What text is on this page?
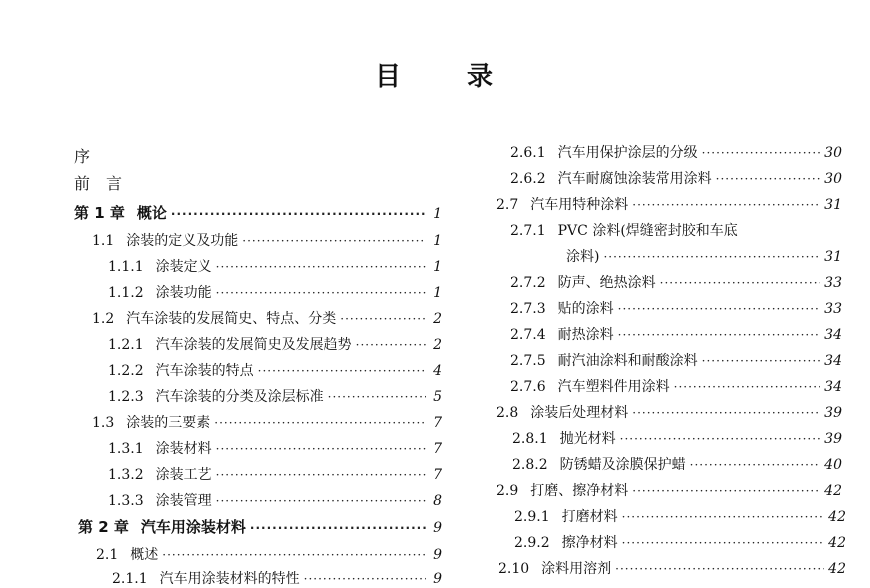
目 录
序
前　言
第 1 章 概论 ·····	1
1.1 涂装的定义及功能 ·····	1
1.1.1 涂装定义 ·····	1
1.1.2 涂装功能 ·····	1
1.2 汽车涂装的发展简史、特点、分类 ·····	2
1.2.1 汽车涂装的发展简史及发展趋势 ·····	2
1.2.2 汽车涂装的特点 ·····	4
1.2.3 汽车涂装的分类及涂层标准 ·····	5
1.3 涂装的三要素 ·····	7
1.3.1 涂装材料 ·····	7
1.3.2 涂装工艺 ·····	7
1.3.3 涂装管理 ·····	8
第 2 章 汽车用涂装材料 ·····	9
2.1 概述 ·····	9
2.1.1 汽车用涂装材料的特性 ·····	9
2.6.1 汽车用保护涂层的分级 ·····	30
2.6.2 汽车耐腐蚀涂装常用涂料 ·····	30
2.7 汽车用特种涂料 ·····	31
2.7.1 PVC 涂料(焊缝密封胶和车底
涂料) ·····	31
2.7.2 防声、绝热涂料 ·····	33
2.7.3 贴的涂料 ·····	33
2.7.4 耐热涂料 ·····	34
2.7.5 耐汽油涂料和耐酸涂料 ·····	34
2.7.6 汽车塑料件用涂料 ·····	34
2.8 涂装后处理材料 ·····	39
2.8.1 抛光材料 ·····	39
2.8.2 防锈蜡及涂膜保护蜡 ·····	40
2.9 打磨、擦净材料 ·····	42
2.9.1 打磨材料 ·····	42
2.9.2 擦净材料 ·····	42
2.10 涂料用溶剂 ·····	42
